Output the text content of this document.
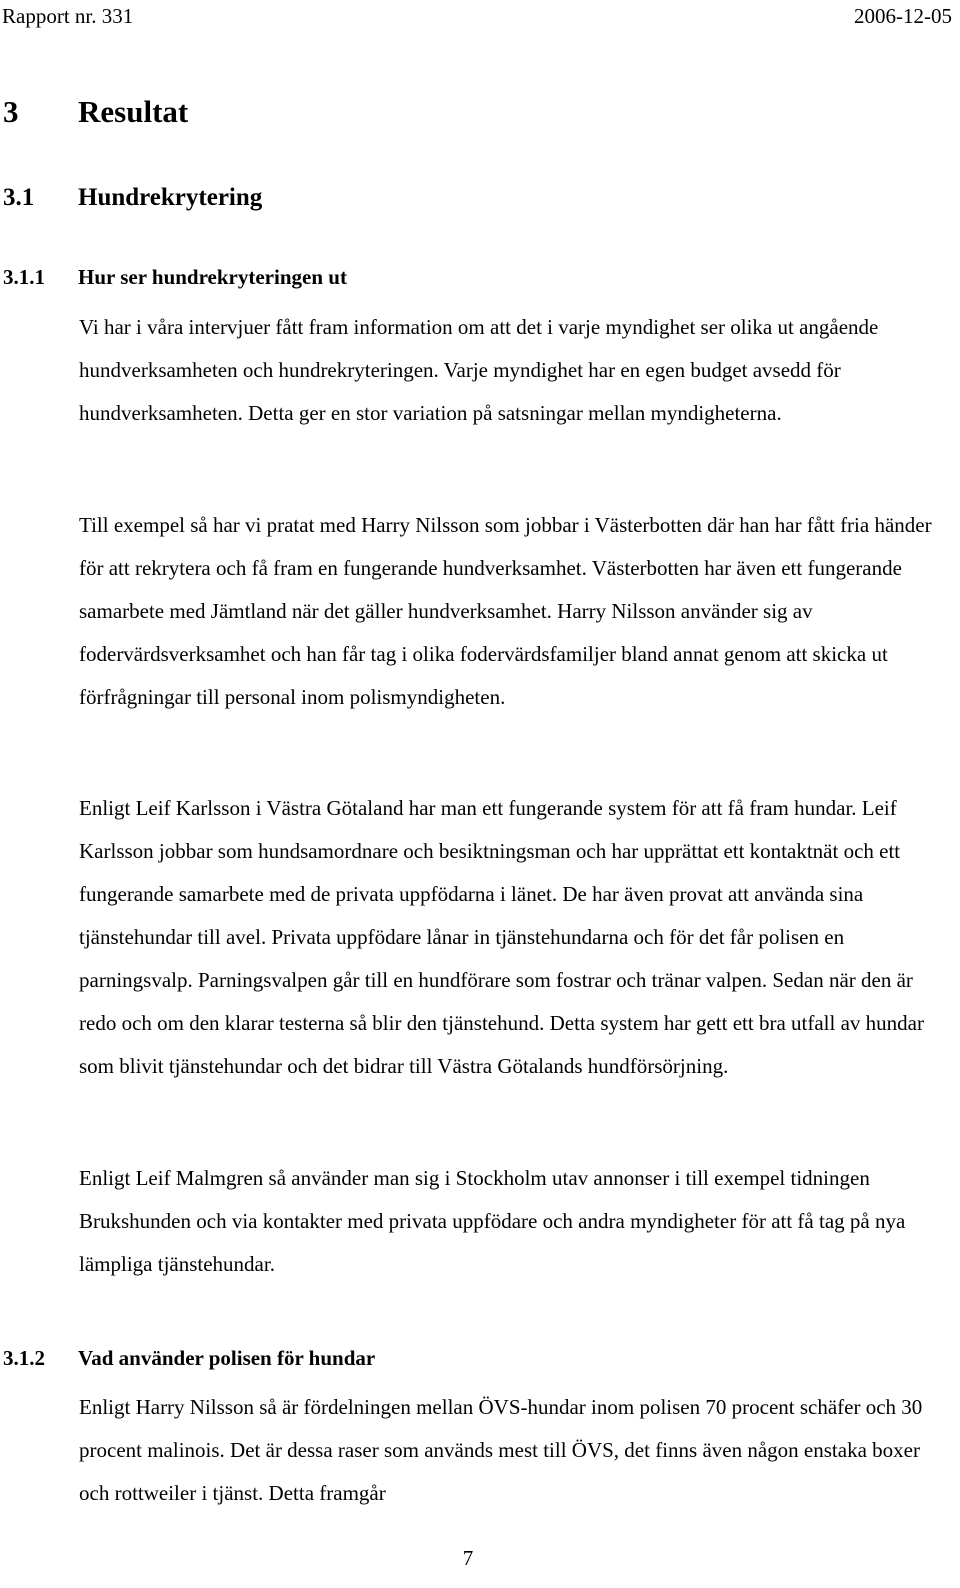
Rapport nr. 331	2006-12-05
3 Resultat
3.1 Hundrekrytering
3.1.1 Hur ser hundrekryteringen ut

Vi har i våra intervjuer fått fram information om att det i varje myndighet ser olika ut angående hundverksamheten och hundrekryteringen. Varje myndighet har en egen budget avsedd för hundverksamheten. Detta ger en stor variation på satsningar mellan myndigheterna.

Till exempel så har vi pratat med Harry Nilsson som jobbar i Västerbotten där han har fått fria händer för att rekrytera och få fram en fungerande hundverksamhet. Västerbotten har även ett fungerande samarbete med Jämtland när det gäller hundverksamhet. Harry Nilsson använder sig av fodervärdsverksamhet och han får tag i olika fodervärdsfamiljer bland annat genom att skicka ut förfrågningar till personal inom polismyndigheten.

Enligt Leif Karlsson i Västra Götaland har man ett fungerande system för att få fram hundar. Leif Karlsson jobbar som hundsamordnare och besiktningsman och har upprättat ett kontaktnät och ett fungerande samarbete med de privata uppfödarna i länet. De har även provat att använda sina tjänstehundar till avel. Privata uppfödare lånar in tjänstehundarna och för det får polisen en parningsvalp. Parningsvalpen går till en hundförare som fostrar och tränar valpen. Sedan när den är redo och om den klarar testerna så blir den tjänstehund. Detta system har gett ett bra utfall av hundar som blivit tjänstehundar och det bidrar till Västra Götalands hundförsörjning.

Enligt Leif Malmgren så använder man sig i Stockholm utav annonser i till exempel tidningen Brukshunden och via kontakter med privata uppfödare och andra myndigheter för att få tag på nya lämpliga tjänstehundar.

3.1.2 Vad använder polisen för hundar

Enligt Harry Nilsson så är fördelningen mellan ÖVS-hundar inom polisen 70 procent schäfer och 30 procent malinois. Det är dessa raser som används mest till ÖVS, det finns även någon enstaka boxer och rottweiler i tjänst. Detta framgår

7
